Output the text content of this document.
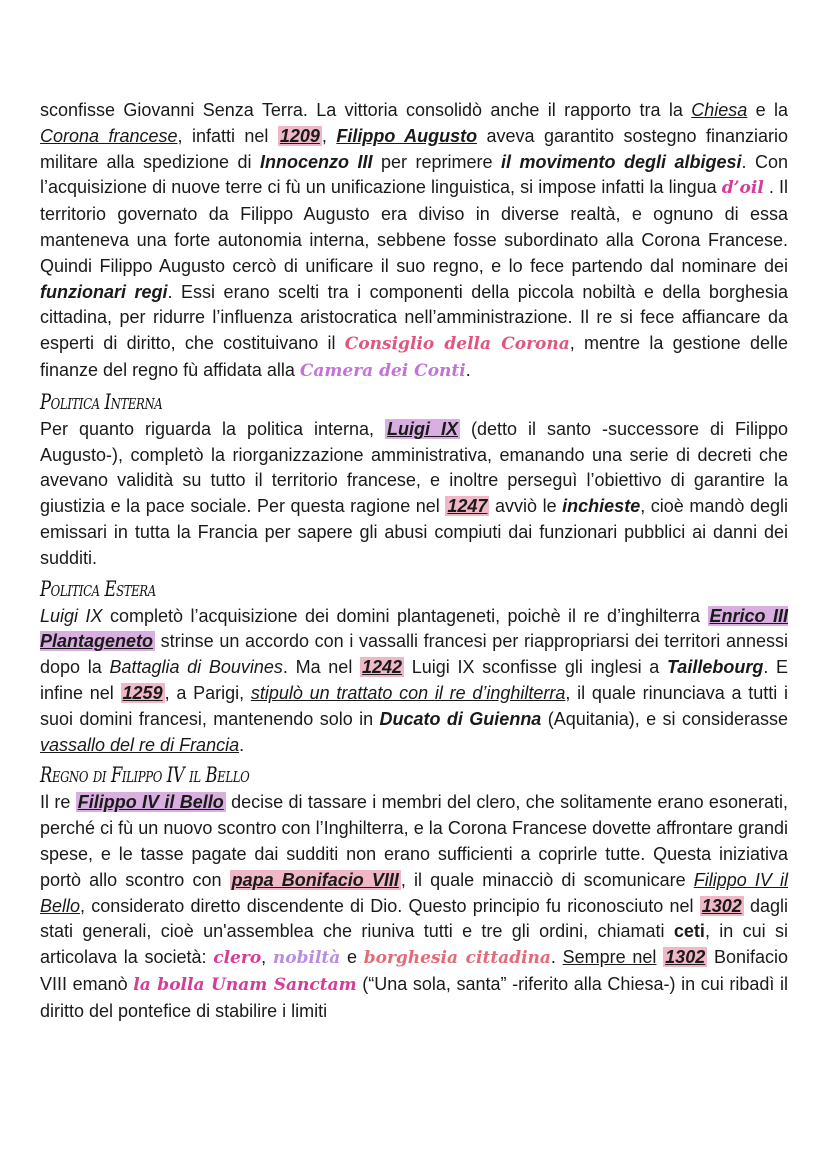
sconfisse Giovanni Senza Terra. La vittoria consolidò anche il rapporto tra la Chiesa e la Corona francese, infatti nel 1209 , Filippo Augusto aveva garantito sostegno finanziario militare alla spedizione di Innocenzo III per reprimere il movimento degli albigesi. Con l’acquisizione di nuove terre ci fù un unificazione linguistica, si impose infatti la lingua d’oil . Il territorio governato da Filippo Augusto era diviso in diverse realtà, e ognuno di essa manteneva una forte autonomia interna, sebbene fosse subordinato alla Corona Francese. Quindi Filippo Augusto cercò di unificare il suo regno, e lo fece partendo dal nominare dei funzionari regi. Essi erano scelti tra i componenti della piccola nobiltà e della borghesia cittadina, per ridurre l’influenza aristocratica nell’amministrazione. Il re si fece affiancare da esperti di diritto, che costituivano il Consiglio della Corona, mentre la gestione delle finanze del regno fù affidata alla Camera dei Conti.

Politica Interna

Per quanto riguarda la politica interna, Luigi IX (detto il santo -successore di Filippo Augusto-), completò la riorganizzazione amministrativa, emanando una serie di decreti che avevano validità su tutto il territorio francese, e inoltre perseguì l’obiettivo di garantire la giustizia e la pace sociale. Per questa ragione nel 1247 avviò le inchieste, cioè mandò degli emissari in tutta la Francia per sapere gli abusi compiuti dai funzionari pubblici ai danni dei sudditi.

Politica Estera

Luigi IX completò l’acquisizione dei domini plantageneti, poichè il re d’inghilterra Enrico III Plantageneto strinse un accordo con i vassalli francesi per riappropriarsi dei territori annessi dopo la Battaglia di Bouvines. Ma nel 1242 Luigi IX sconfisse gli inglesi a Taillebourg. E infine nel 1259 , a Parigi, stipulò un trattato con il re d’inghilterra, il quale rinunciava a tutti i suoi domini francesi, mantenendo solo in Ducato di Guienna (Aquitania), e si considerasse vassallo del re di Francia.

Regno di Filippo IV il Bello

Il re Filippo IV il Bello decise di tassare i membri del clero, che solitamente erano esonerati, perché ci fù un nuovo scontro con l’Inghilterra, e la Corona Francese dovette affrontare grandi spese, e le tasse pagate dai sudditi non erano sufficienti a coprirle tutte. Questa iniziativa portò allo scontro con papa Bonifacio VIII , il quale minacciò di scomunicare Filippo IV il Bello, considerato diretto discendente di Dio. Questo principio fu riconosciuto nel 1302 dagli stati generali, cioè un'assemblea che riuniva tutti e tre gli ordini, chiamati ceti, in cui si articolava la società: clero, nobiltà e borghesia cittadina. Sempre nel 1302 Bonifacio VIII emanò la bolla Unam Sanctam (“Una sola, santa” -riferito alla Chiesa-) in cui ribadì il diritto del pontefice di stabilire i limiti
